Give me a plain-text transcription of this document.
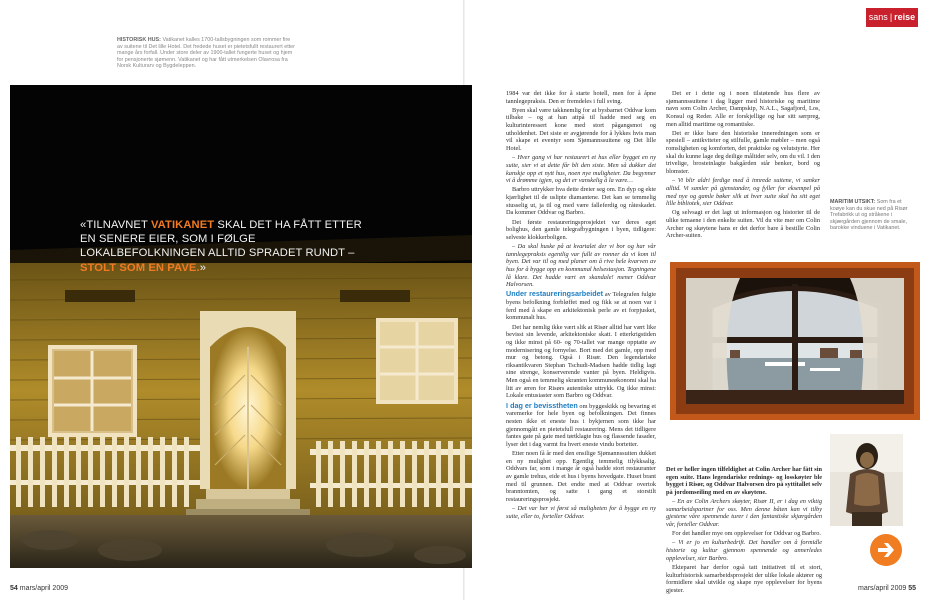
HISTORISK HUS: Vatikanet kalles 1700-tallsbygningen som rommer fire av suitene til Det lille Hotel. Det fredede huset er pietetsfullt restaurert etter mange års forfall. Under store deler av 1900-tallet fungerte huset og hjem for pensjonerte sjømenn. Vatikanet og har fått utmerkelsen Olavrosa fra Norsk Kulturarv og Bygdeleppen.
«TILNAVNET VATIKANET SKAL DET HA FÅTT ETTER EN SENERE EIER, SOM I FØLGE LOKALBEFOLKNINGEN ALLTID SPRADET RUNDT – STOLT SOM EN PAVE.»

1984 var det ikke for å starte hotell, men for å åpne tannlegepraksis. Den er fremdeles i full sving.

Byen skal være takknemlig for at bysbarnet Oddvar kom tilbake – og at han attpå til hadde med seg en kulturinteressert kone med stort pågangsmot og utholdenhet. Det siste er avgjørende for å lykkes hvis man vil skape et eventyr som Sjømannssuitene og Det lille Hotel.

– Hver gang vi har restaurert et hus eller bygget en ny suite, sier vi at dette får bli den siste. Men så dukker det kanskje opp et nytt hus, noen nye muligheter. Da begynner vi å drømme igjen, og det er vanskelig å la være…

Barbro uttrykker hva dette dreier seg om. En dyp og ekte kjærlighet til de usliptе diamantene. Det kan se temmelig stusselig ut, ja til og med være falleferdig og råteskadet. Da kommer Oddvar og Barbro.

Det første restaureringsprosjektet var deres eget bolighus, den gamle telegrafbygningen i byen, tidligere: selveste klokkerboligen.

– Da skal huske på at kvartalet der vi bor og har vår tannlegepraksis egentlig var fullt av ronner da vi kom til byen. Det var til og med planer om å rive hele kvarven av hus for å bygge opp en kommunal helsestasjon. Tegningene lå klare. Det hadde vært en skandale! mener Oddvar Halvorsen.

Under restaureringsarbeidet av Telegrafen fulgte byens befolkning forbløffet med og fikk se at noen var i ferd med å skape en arkitektonisk perle av et forpjusket, kommunalt hus.

Det har nemlig ikke vært slik at Risør alltid har vært like bevisst sin levende, arkitektoniske skatt. I etterkrigstiden og ikke minst på 60- og 70-tallet var mange opptatte av modernisering og fornyelse. Bort med det gamle, opp med mur og betong. Også i Risør. Den legendariske riksantikvaren Stephan Tschudi-Madsen hadde tidlig lagt sine strenge, konserverende vanter på byen. Heldigvis. Men også en temmelig skrantеn kommuneøkonomi skal ha litt av æren for Risørs autentiske uttrykk. Og ikke minst: Lokale entusiaster som Barbro og Oddvar.

I dag er bevisstheten om byggeskikk og bevaring et varemerke for hele byen og befolkningen. Det finnes nesten ikke et eneste hus i bykjernen som ikke har gjennomgått en pietetsfull restaurering. Mens det tidligere fantes gate på gate med tørtklagte hus og flassende fasader, lyser det i dag varmt fra hvert eneste vindu bortetter.

Etter noen få år med den ensilige Sjømannssuiten dukket en ny mulighet opp. Egentlig temmelig tilykksalig. Oddvars far, som i mange år også hadde stort restauranter av gamle trehus, eide et hus i byens hovedgate. Huset brant med til grunnen. Det endte med at Oddvar overtok branntomten, og satte i gang et storstilt restaureringsprosjekt.

– Det var her vi først så muligheten for å bygge en ny suite, eller to, forteller Oddvar.

Det er i dette og i noen tilstøtende hus flere av sjømannssuitene i dag ligger med historiske og maritime navn som Colin Archer, Dampskip, N.A.L., Sagafjord, Los, Konsul og Reder. Alle er forskjellige og har sitt særpreg, men alltid maritime og romantiske.

Det er ikke bare den historiske inneredningen som er spesiell – antikviteter og stilfulle, gamle møbler – men også romsligheten og komforten, det praktiske og velutstyrte. Her skal du kunne lage deg deilige måltider selv, om du vil. I den trivelige, brosteinlagte bakgården står benker, bord og blomster.

– Vi blir aldri ferdige med å innrede suitene, vi sanker alltid. Vi samler på gjenstander, og fyller for eksempel på med nye og gamle bøker slik at hver suite skal ha sitt eget lille bibliotek, sier Oddvar.

Og selvsagt er det lagt ut informasjon og historier til de ulike temaene i den enkelte suiten. Vil du vite mer om Colin Archer og skøytene hans er det derfor bare å bestille Colin Archer-suiten.

Det er heller ingen tilfeldighet at Colin Archer har fått sin egen suite. Hans legendariske rednings- og losskøyter ble bygget i Risør, og Oddvar Halvorsen drо på syttitallet selv på jordomseiling med en av skøytene.

– En av Colin Archers skøyter, Risør II, er i dag en viktig samarbeidspartner for oss. Men denne båten kan vi tilby gjestene våre spennende turer i den fantastiske skjærgården vår, forteller Oddvar.

For det handler mye om opplevelser for Oddvar og Barbro.

– Vi er jo en kulturbedrift. Det handler om å formidle historie og kultur gjennom spennende og annerledes opplevelser, sier Barbro.

Ekteparet har derfor også tatt initiativet til et stort, kulturhistorisk samarbeidsprosjekt der ulike lokale aktører og formidlere skal utvikle og skape nye opplevelser for byens gjester.

sans | reise
MARITIM UTSIKT: Som fra et koøye kan du skue ned på Risør Trefabrikk ut og stråkene i skjærgården gjennom de smale, barokke vinduene i Vatikanet.
54 mars/april 2009	mars/april 2009 55
